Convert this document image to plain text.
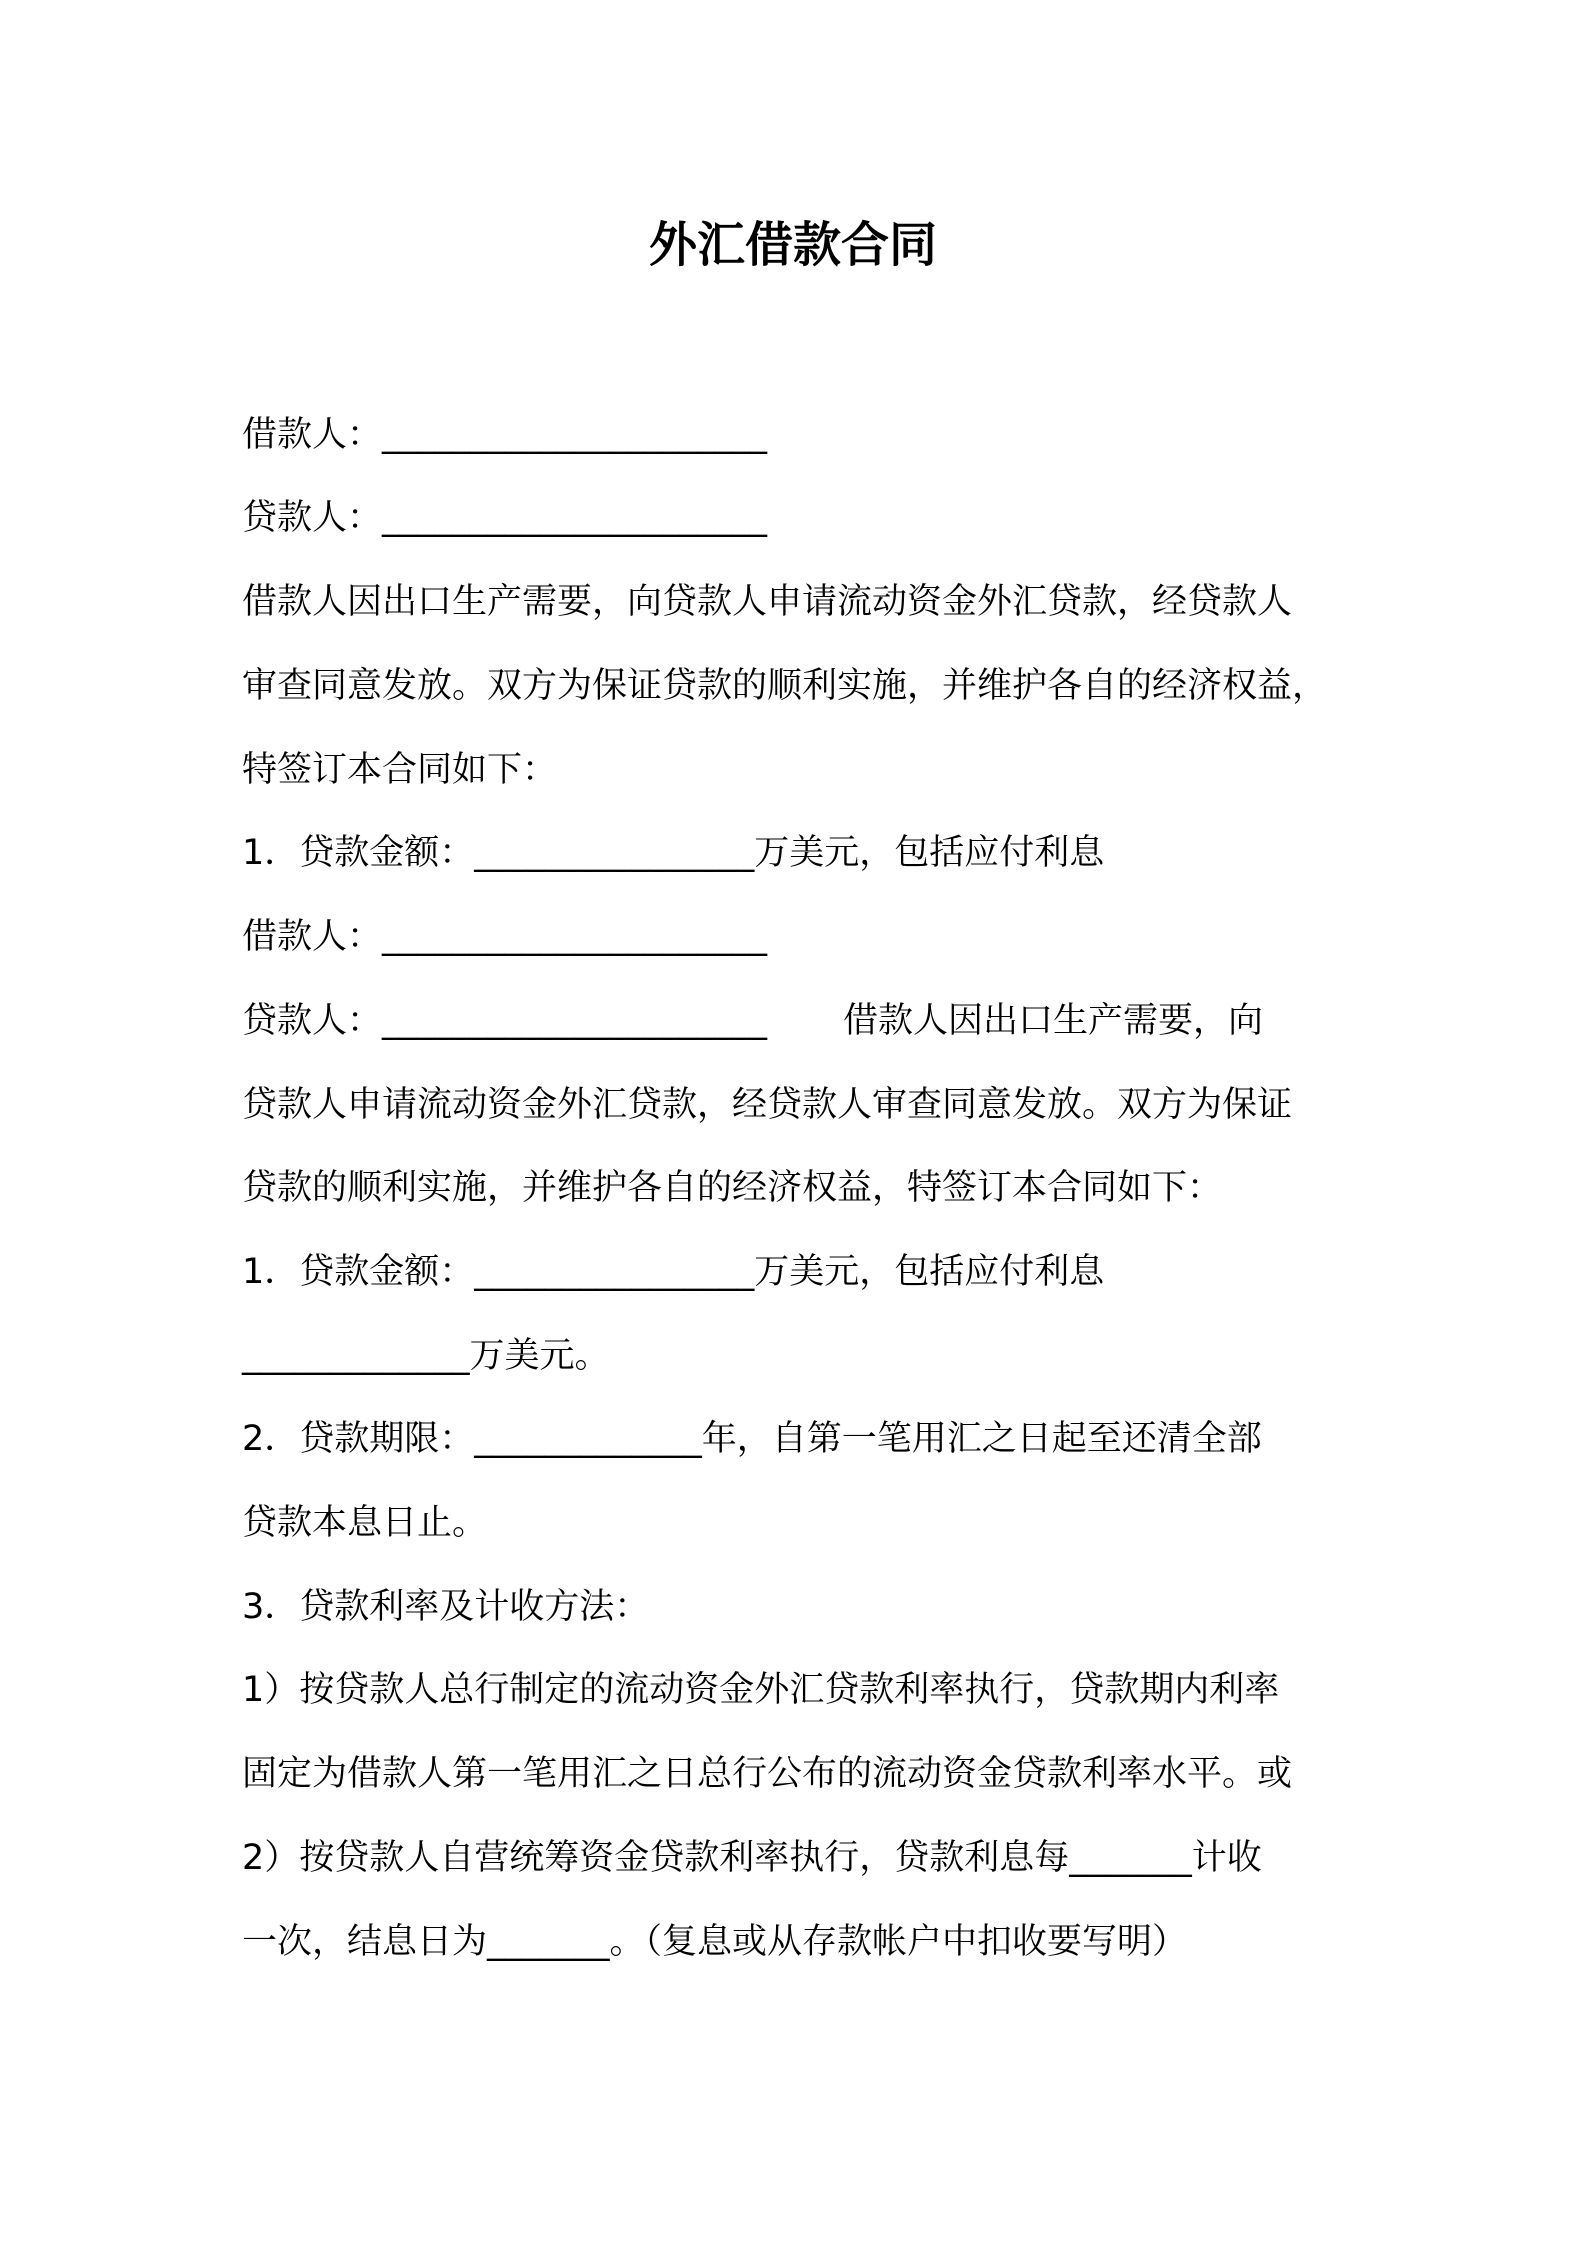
外汇借款合同
借款人：______________________
贷款人：______________________
借款人因出口生产需要，向贷款人申请流动资金外汇贷款，经贷款人
审查同意发放。双方为保证贷款的顺利实施，并维护各自的经济权益，
特签订本合同如下：
1．贷款金额：________________万美元，包括应付利息
借款人：______________________
贷款人：______________________ 借款人因出口生产需要，向
贷款人申请流动资金外汇贷款，经贷款人审查同意发放。双方为保证
贷款的顺利实施，并维护各自的经济权益，特签订本合同如下：
1．贷款金额：________________万美元，包括应付利息
_____________万美元。
2．贷款期限：_____________年，自第一笔用汇之日起至还清全部
贷款本息日止。
3．贷款利率及计收方法：
1）按贷款人总行制定的流动资金外汇贷款利率执行，贷款期内利率
固定为借款人第一笔用汇之日总行公布的流动资金贷款利率水平。或
2）按贷款人自营统筹资金贷款利率执行，贷款利息每_______计收
一次，结息日为_______。（复息或从存款帐户中扣收要写明）
